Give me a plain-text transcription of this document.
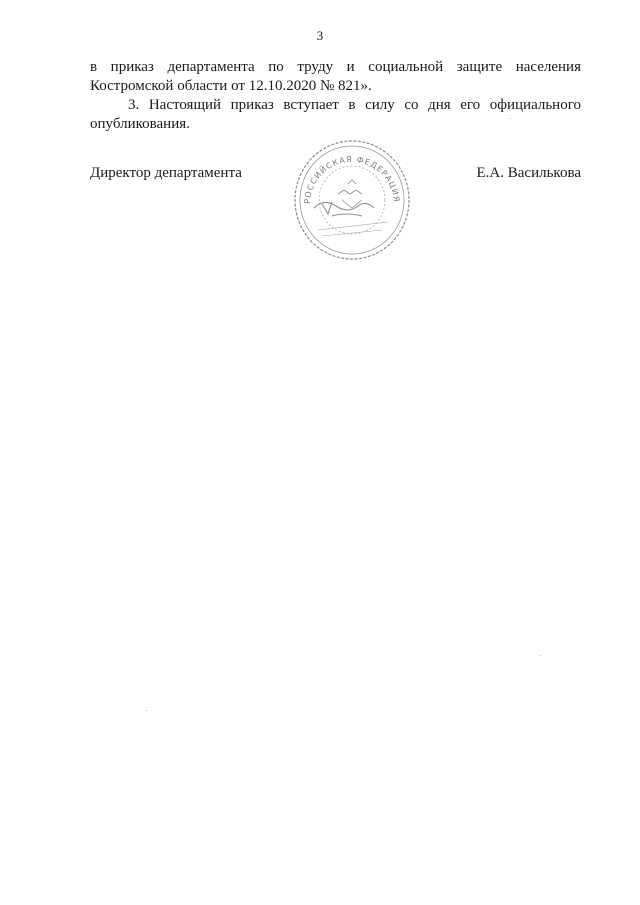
3
в приказ департамента по труду и социальной защите населения Костромской области от 12.10.2020 № 821».
3. Настоящий приказ вступает в силу со дня его официального опубликования.
Директор департамента	Е.А. Василькова
РОССИЙСКАЯ ФЕДЕРАЦИЯ
